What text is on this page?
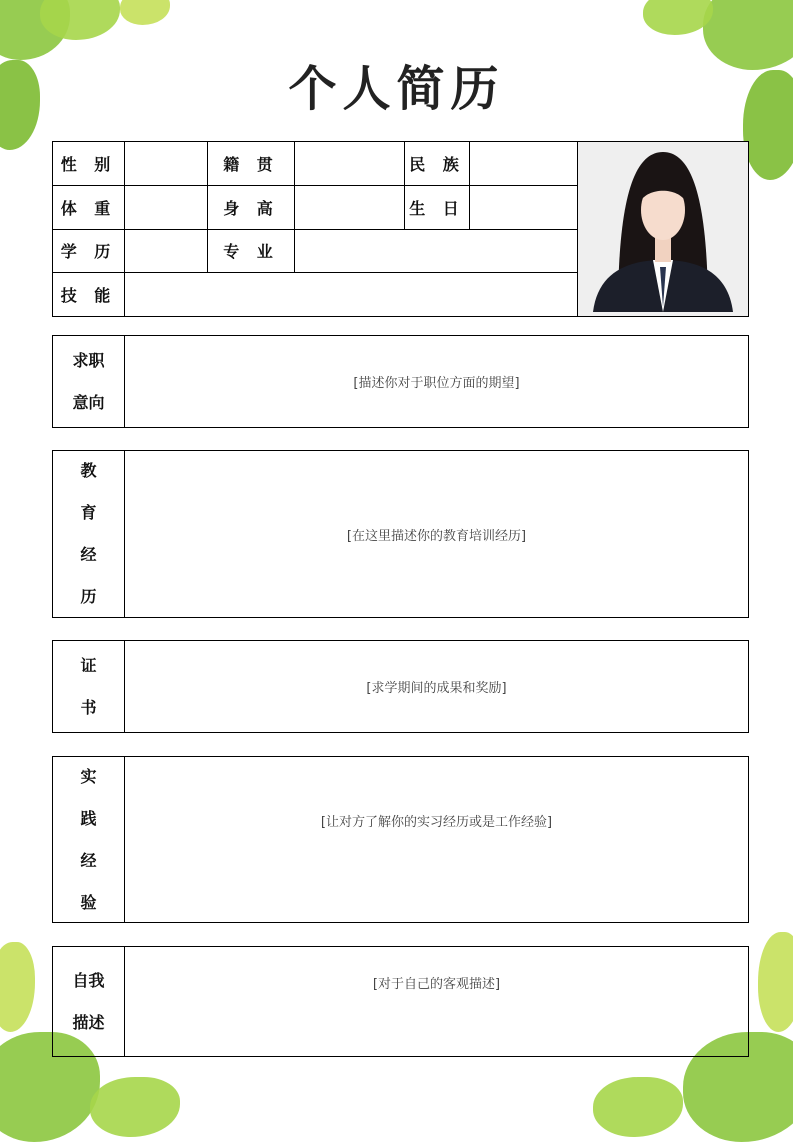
个人简历
性 别		籍 贯		民 族		
体 重		身 高		生 日		
学 历		专 业				
技 能						
求职
意向
[描述你对于职位方面的期望]
教
育
经
历
[在这里描述你的教育培训经历]
证
书
[求学期间的成果和奖励]
实
践
经
验
[让对方了解你的实习经历或是工作经验]
自我
描述
[对于自己的客观描述]
